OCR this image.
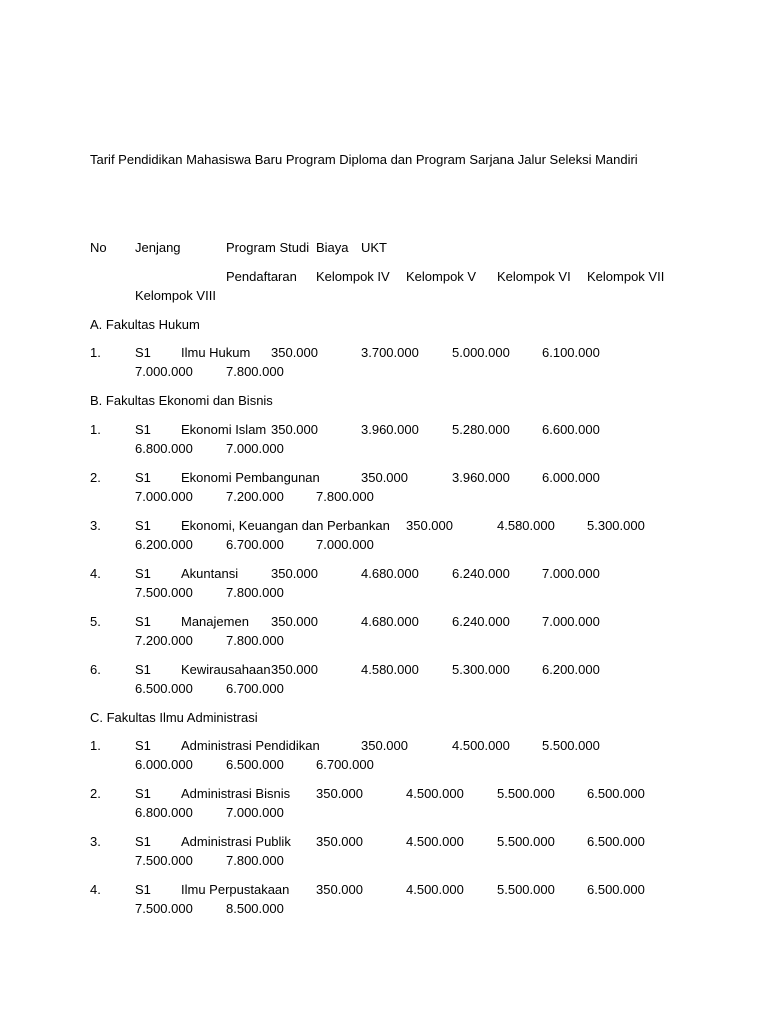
Tarif Pendidikan Mahasiswa Baru Program Diploma dan Program Sarjana Jalur Seleksi Mandiri
No Jenjang	Program Studi Biaya UKT
Pendaftaran Kelompok IV Kelompok V Kelompok VI Kelompok VII
Kelompok VIII
A. Fakultas Hukum
1.	S1 Ilmu Hukum 350.000	3.700.000	5.000.000 6.100.000
7.000.000	7.800.000
B. Fakultas Ekonomi dan Bisnis
1.	S1 Ekonomi Islam 350.000	3.960.000	5.280.000 6.600.000
6.800.000	7.000.000
2.	S1 Ekonomi Pembangunan	350.000	3.960.000 6.000.000
7.000.000	7.200.000 7.800.000
3.	S1 Ekonomi, Keuangan dan Perbankan 350.000	4.580.000 5.300.000
6.200.000	6.700.000 7.000.000
4.	S1 Akuntansi	350.000	4.680.000	6.240.000 7.000.000
7.500.000	7.800.000
5.	S1 Manajemen 350.000	4.680.000	6.240.000 7.000.000
7.200.000	7.800.000
6.	S1 Kewirausahaan 350.000	4.580.000	5.300.000 6.200.000
6.500.000	6.700.000
C. Fakultas Ilmu Administrasi
1.	S1 Administrasi Pendidikan	350.000	4.500.000 5.500.000
6.000.000	6.500.000 6.700.000
2.	S1 Administrasi Bisnis 350.000	4.500.000	5.500.000 6.500.000
6.800.000	7.000.000
3.	S1 Administrasi Publik 350.000	4.500.000	5.500.000 6.500.000
7.500.000	7.800.000
4.	S1 Ilmu Perpustakaan 350.000	4.500.000	5.500.000 6.500.000
7.500.000	8.500.000
